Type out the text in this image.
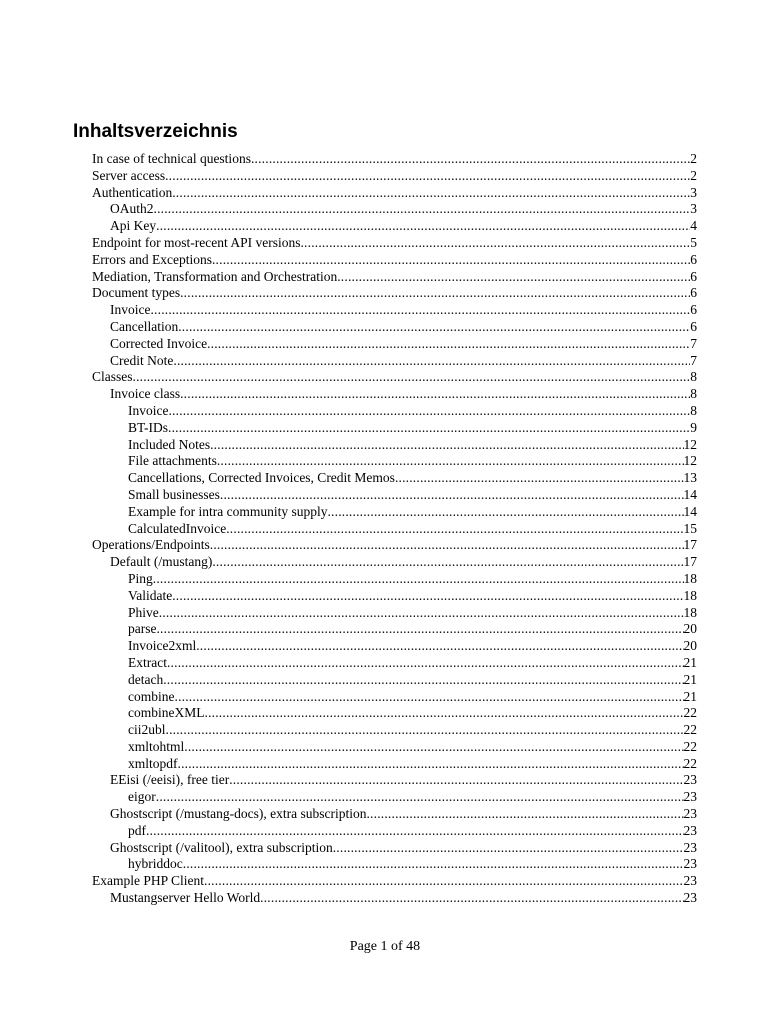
Inhaltsverzeichnis
In case of technical questions .....	2
Server access .....	2
Authentication .....	3
OAuth2 .....	3
Api Key .....	4
Endpoint for most-recent API versions .....	5
Errors and Exceptions .....	6
Mediation, Transformation and Orchestration .....	6
Document types .....	6
Invoice .....	6
Cancellation .....	6
Corrected Invoice .....	7
Credit Note .....	7
Classes .....	8
Invoice class .....	8
Invoice .....	8
BT-IDs .....	9
Included Notes .....	12
File attachments .....	12
Cancellations, Corrected Invoices, Credit Memos .....	13
Small businesses .....	14
Example for intra community supply .....	14
CalculatedInvoice .....	15
Operations/Endpoints .....	17
Default (/mustang) .....	17
Ping .....	18
Validate .....	18
Phive .....	18
parse .....	20
Invoice2xml .....	20
Extract .....	21
detach .....	21
combine .....	21
combineXML .....	22
cii2ubl .....	22
xmltohtml .....	22
xmltopdf .....	22
EEisi (/eeisi), free tier .....	23
eigor .....	23
Ghostscript (/mustang-docs), extra subscription .....	23
pdf .....	23
Ghostscript (/valitool), extra subscription .....	23
hybriddoc .....	23
Example PHP Client .....	23
Mustangserver Hello World .....	23
Page 1 of 48
